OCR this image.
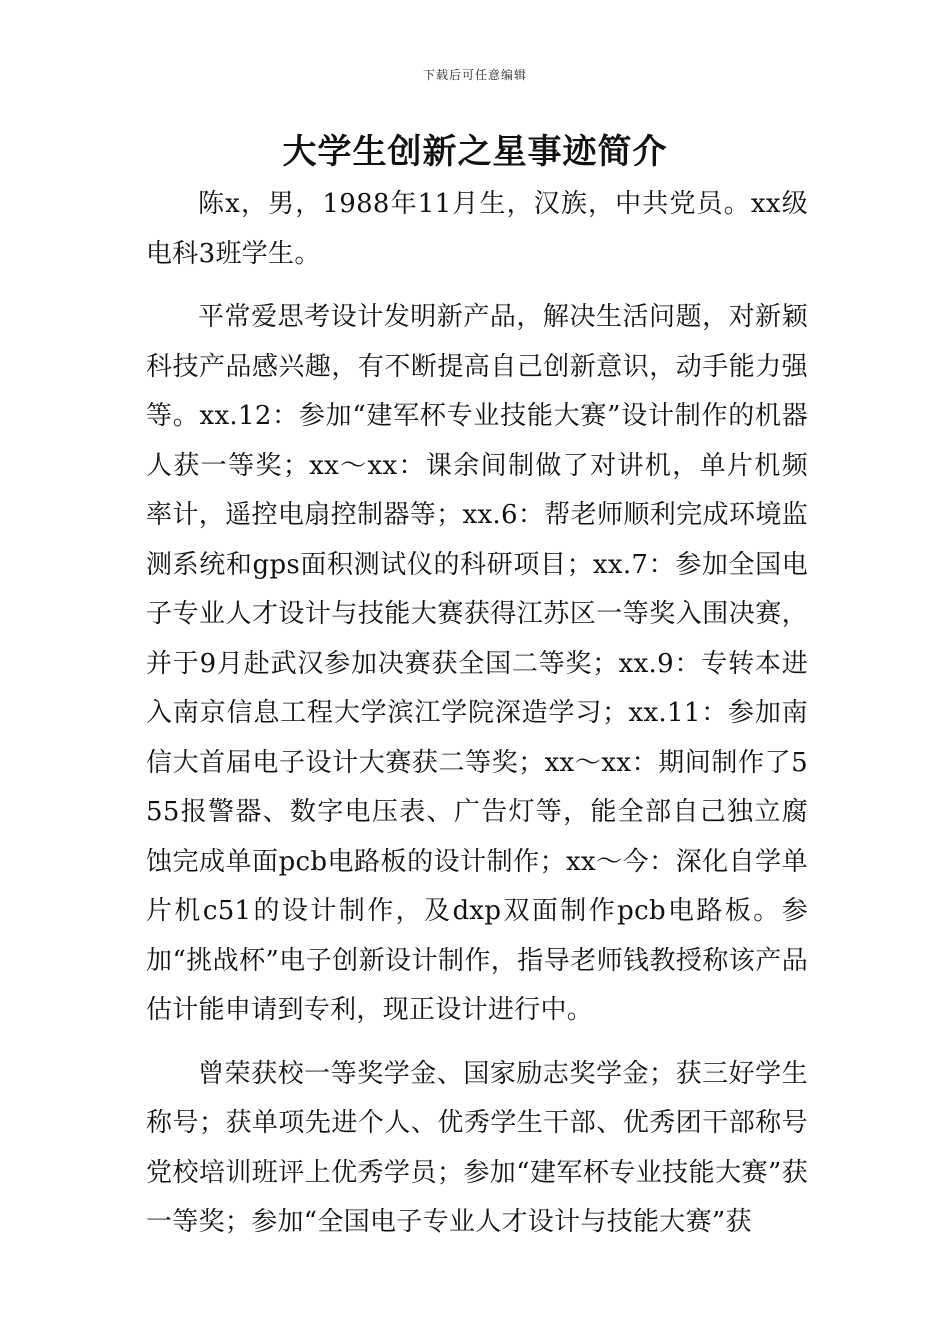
下载后可任意编辑
大学生创新之星事迹简介

陈x，男，1988年11月生，汉族，中共党员。xx级电科3班学生。

平常爱思考设计发明新产品，解决生活问题，对新颖科技产品感兴趣，有不断提高自己创新意识，动手能力强等。xx.12：参加“建军杯专业技能大赛”设计制作的机器人获一等奖；xx～xx：课余间制做了对讲机，单片机频率计，遥控电扇控制器等；xx.6：帮老师顺利完成环境监测系统和gps面积测试仪的科研项目；xx.7：参加全国电子专业人才设计与技能大赛获得江苏区一等奖入围决赛，并于9月赴武汉参加决赛获全国二等奖；xx.9：专转本进入南京信息工程大学滨江学院深造学习；xx.11：参加南信大首届电子设计大赛获二等奖；xx～xx：期间制作了555报警器、数字电压表、广告灯等，能全部自己独立腐蚀完成单面pcb电路板的设计制作；xx～今：深化自学单片机c51的设计制作，及dxp双面制作pcb电路板。参加“挑战杯”电子创新设计制作，指导老师钱教授称该产品估计能申请到专利，现正设计进行中。

曾荣获校一等奖学金、国家励志奖学金；获三好学生称号；获单项先进个人、优秀学生干部、优秀团干部称号 党校培训班评上优秀学员；参加“建军杯专业技能大赛”获一等奖；参加“全国电子专业人才设计与技能大赛”获
